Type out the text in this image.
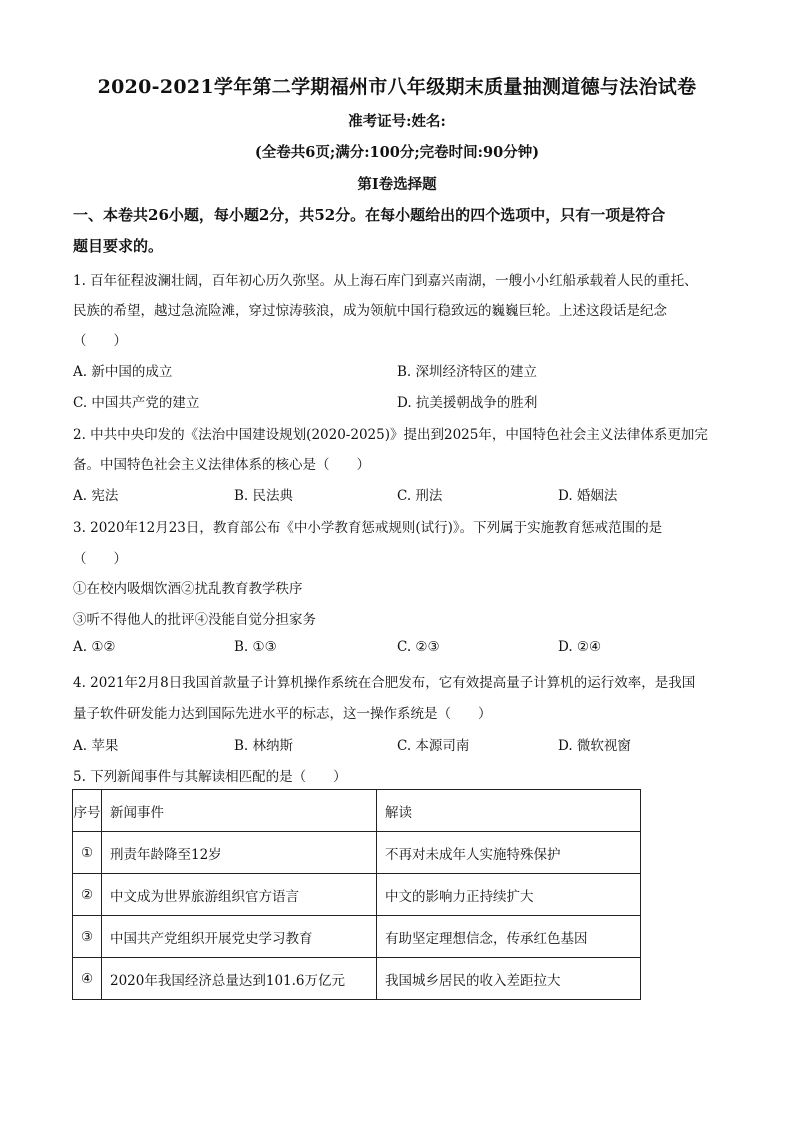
2020-2021学年第二学期福州市八年级期末质量抽测道德与法治试卷
准考证号:姓名:
(全卷共6页;满分:100分;完卷时间:90分钟)
第I卷选择题
一、本卷共26小题，每小题2分，共52分。在每小题给出的四个选项中，只有一项是符合
题目要求的。
1. 百年征程波澜壮阔，百年初心历久弥坚。从上海石库门到嘉兴南湖，一艘小小红船承载着人民的重托、
民族的希望，越过急流险滩，穿过惊涛骇浪，成为领航中国行稳致远的巍巍巨轮。上述这段话是纪念
（　　）
A. 新中国的成立	B. 深圳经济特区的建立
C. 中国共产党的建立	D. 抗美援朝战争的胜利
2. 中共中央印发的《法治中国建设规划(2020-2025)》提出到2025年，中国特色社会主义法律体系更加完
备。中国特色社会主义法律体系的核心是（　　）
A. 宪法	B. 民法典	C. 刑法	D. 婚姻法
3. 2020年12月23日，教育部公布《中小学教育惩戒规则(试行)》。下列属于实施教育惩戒范围的是
（　　）
①在校内吸烟饮酒②扰乱教育教学秩序
③听不得他人的批评④没能自觉分担家务
A. ①②	B. ①③	C. ②③	D. ②④
4. 2021年2月8日我国首款量子计算机操作系统在合肥发布，它有效提高量子计算机的运行效率，是我国
量子软件研发能力达到国际先进水平的标志，这一操作系统是（　　）
A. 苹果	B. 林纳斯	C. 本源司南	D. 微软视窗
5. 下列新闻事件与其解读相匹配的是（　　）
序号	新闻事件	解读
①	刑责年龄降至12岁	不再对未成年人实施特殊保护
②	中文成为世界旅游组织官方语言	中文的影响力正持续扩大
③	中国共产党组织开展党史学习教育	有助坚定理想信念，传承红色基因
④	2020年我国经济总量达到101.6万亿元	我国城乡居民的收入差距拉大
